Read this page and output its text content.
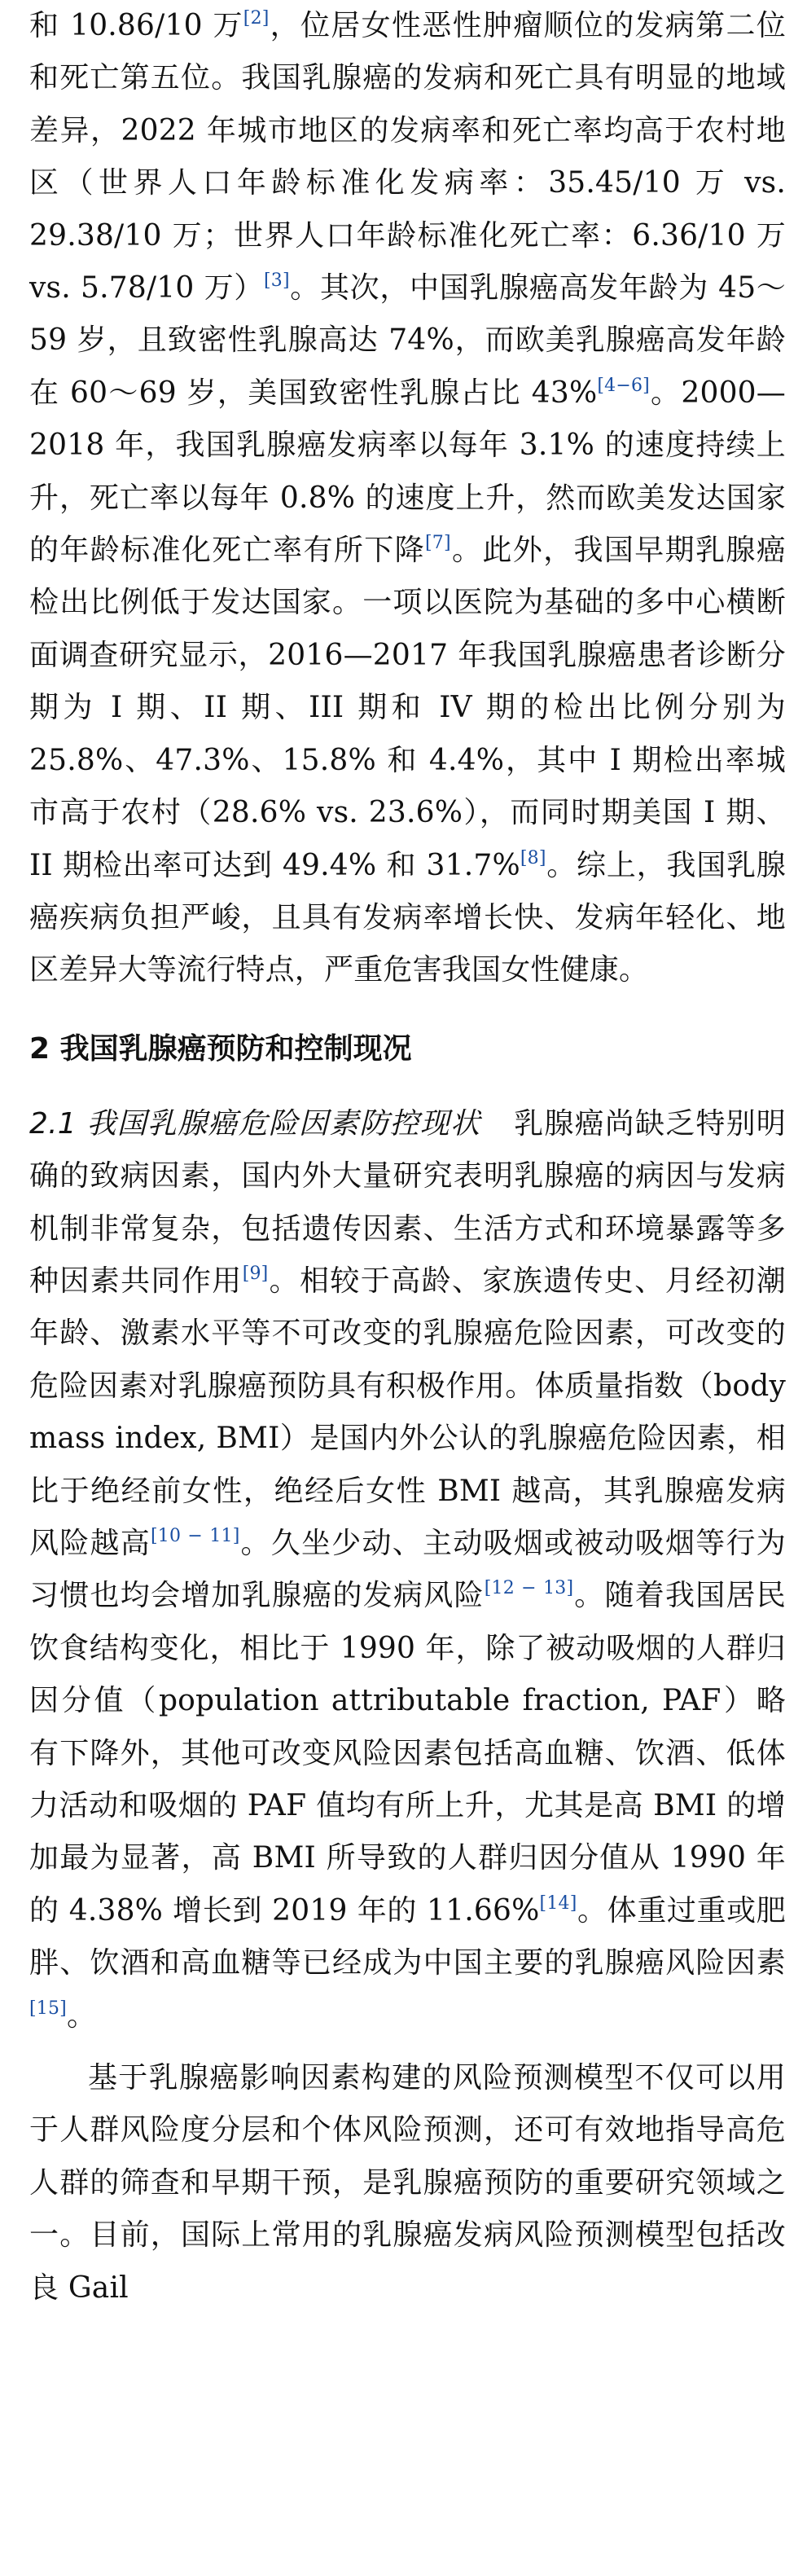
和 10.86/10 万[2]，位居女性恶性肿瘤顺位的发病第二位和死亡第五位。我国乳腺癌的发病和死亡具有明显的地域差异，2022 年城市地区的发病率和死亡率均高于农村地区（世界人口年龄标准化发病率：35.45/10 万 vs. 29.38/10 万；世界人口年龄标准化死亡率：6.36/10 万 vs. 5.78/10 万）[3]。其次，中国乳腺癌高发年龄为 45～59 岁，且致密性乳腺高达 74%，而欧美乳腺癌高发年龄在 60～69 岁，美国致密性乳腺占比 43%[4−6]。2000—2018 年，我国乳腺癌发病率以每年 3.1% 的速度持续上升，死亡率以每年 0.8% 的速度上升，然而欧美发达国家的年龄标准化死亡率有所下降[7]。此外，我国早期乳腺癌检出比例低于发达国家。一项以医院为基础的多中心横断面调查研究显示，2016—2017 年我国乳腺癌患者诊断分期为 I 期、II 期、III 期和 IV 期的检出比例分别为 25.8%、47.3%、15.8% 和 4.4%，其中 I 期检出率城市高于农村（28.6% vs. 23.6%），而同时期美国 I 期、II 期检出率可达到 49.4% 和 31.7%[8]。综上，我国乳腺癌疾病负担严峻，且具有发病率增长快、发病年轻化、地区差异大等流行特点，严重危害我国女性健康。

2 我国乳腺癌预防和控制现况

2.1 我国乳腺癌危险因素防控现状 乳腺癌尚缺乏特别明确的致病因素，国内外大量研究表明乳腺癌的病因与发病机制非常复杂，包括遗传因素、生活方式和环境暴露等多种因素共同作用[9]。相较于高龄、家族遗传史、月经初潮年龄、激素水平等不可改变的乳腺癌危险因素，可改变的危险因素对乳腺癌预防具有积极作用。体质量指数（body mass index, BMI）是国内外公认的乳腺癌危险因素，相比于绝经前女性，绝经后女性 BMI 越高，其乳腺癌发病风险越高[10 − 11]。久坐少动、主动吸烟或被动吸烟等行为习惯也均会增加乳腺癌的发病风险[12 − 13]。随着我国居民饮食结构变化，相比于 1990 年，除了被动吸烟的人群归因分值（population attributable fraction, PAF）略有下降外，其他可改变风险因素包括高血糖、饮酒、低体力活动和吸烟的 PAF 值均有所上升，尤其是高 BMI 的增加最为显著，高 BMI 所导致的人群归因分值从 1990 年的 4.38% 增长到 2019 年的 11.66%[14]。体重过重或肥胖、饮酒和高血糖等已经成为中国主要的乳腺癌风险因素[15]。

基于乳腺癌影响因素构建的风险预测模型不仅可以用于人群风险度分层和个体风险预测，还可有效地指导高危人群的筛查和早期干预，是乳腺癌预防的重要研究领域之一。目前，国际上常用的乳腺癌发病风险预测模型包括改良 Gail
